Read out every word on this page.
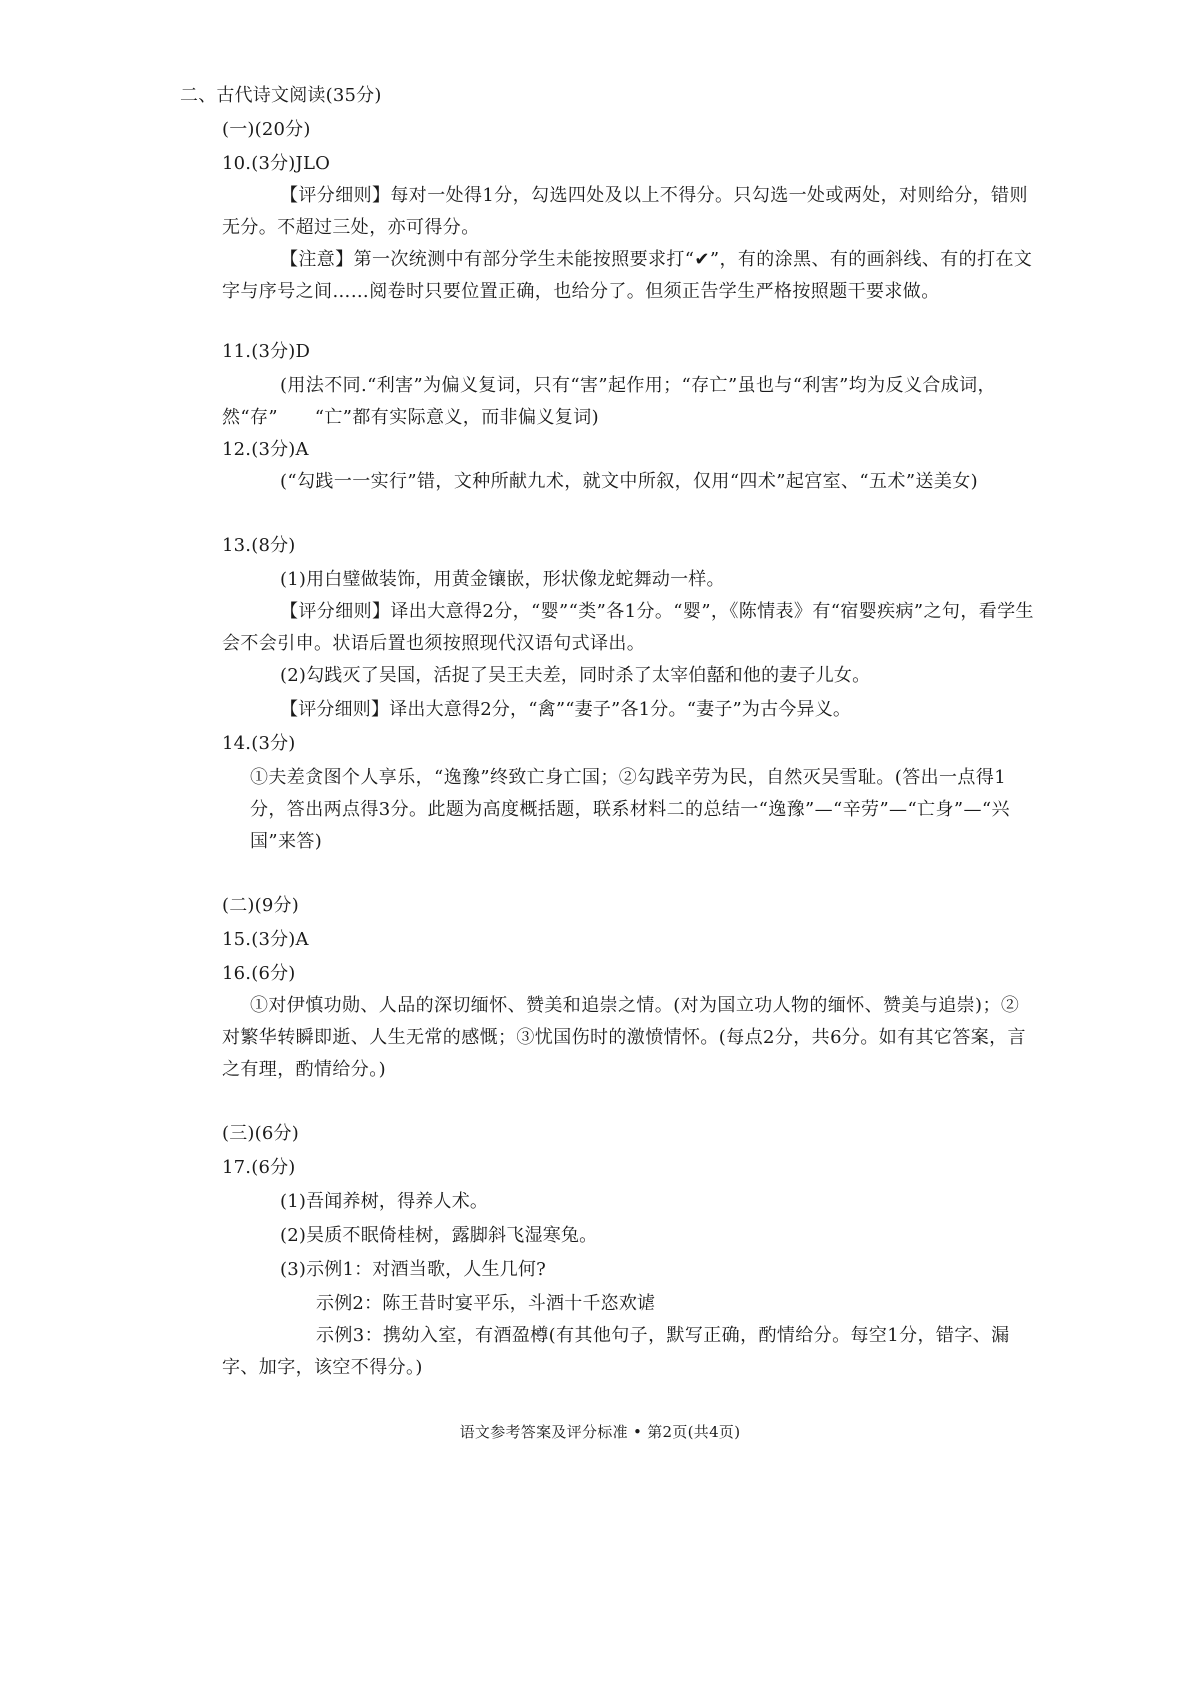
二、古代诗文阅读(35分)
(一)(20分)
10.(3分)JLO
【评分细则】每对一处得1分，勾选四处及以上不得分。只勾选一处或两处，对则给分，错则无分。不超过三处，亦可得分。
【注意】第一次统测中有部分学生未能按照要求打“✔”，有的涂黑、有的画斜线、有的打在文字与序号之间……阅卷时只要位置正确，也给分了。但须正告学生严格按照题干要求做。
11.(3分)D
(用法不同.“利害”为偏义复词，只有“害”起作用；“存亡”虽也与“利害”均为反义合成词，然“存”　　“亡”都有实际意义，而非偏义复词)
12.(3分)A
(“勾践一一实行”错，文种所献九术，就文中所叙，仅用“四术”起宫室、“五术”送美女)
13.(8分)
(1)用白璧做装饰，用黄金镶嵌，形状像龙蛇舞动一样。
【评分细则】译出大意得2分，“婴”“类”各1分。“婴”，《陈情表》有“宿婴疾病”之句，看学生会不会引申。状语后置也须按照现代汉语句式译出。
(2)勾践灭了吴国，活捉了吴王夫差，同时杀了太宰伯嚭和他的妻子儿女。
【评分细则】译出大意得2分，“禽”“妻子”各1分。“妻子”为古今异义。
14.(3分)
①夫差贪图个人享乐，“逸豫”终致亡身亡国；②勾践辛劳为民，自然灭吴雪耻。(答出一点得1分，答出两点得3分。此题为高度概括题，联系材料二的总结一“逸豫”—“辛劳”—“亡身”—“兴国”来答)
(二)(9分)
15.(3分)A
16.(6分)
①对伊慎功勋、人品的深切缅怀、赞美和追崇之情。(对为国立功人物的缅怀、赞美与追崇)；②对繁华转瞬即逝、人生无常的感慨；③忧国伤时的激愤情怀。(每点2分，共6分。如有其它答案，言之有理，酌情给分。)
(三)(6分)
17.(6分)
(1)吾闻养树，得养人术。
(2)吴质不眠倚桂树，露脚斜飞湿寒兔。
(3)示例1：对酒当歌，人生几何?
示例2：陈王昔时宴平乐，斗酒十千恣欢谑
示例3：携幼入室，有酒盈樽(有其他句子，默写正确，酌情给分。每空1分，错字、漏字、加字，该空不得分。)
语文参考答案及评分标准 • 第2页(共4页)
